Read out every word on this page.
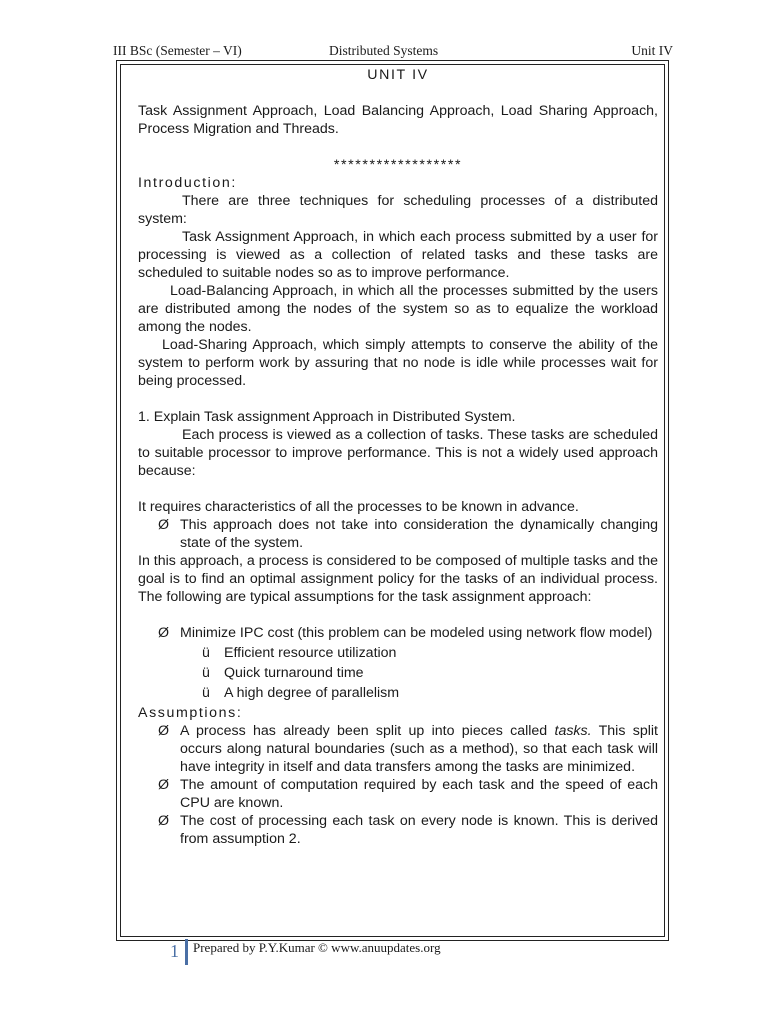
III BSc (Semester – VI)	Distributed Systems	Unit IV

UNIT IV

Task Assignment Approach, Load Balancing Approach, Load Sharing Approach, Process Migration and Threads.

******************

Introduction:

There are three techniques for scheduling processes of a distributed system:

Task Assignment Approach, in which each process submitted by a user for processing is viewed as a collection of related tasks and these tasks are scheduled to suitable nodes so as to improve performance.

Load-Balancing Approach, in which all the processes submitted by the users are distributed among the nodes of the system so as to equalize the workload among the nodes.

Load-Sharing Approach, which simply attempts to conserve the ability of the system to perform work by assuring that no node is idle while processes wait for being processed.

1. Explain Task assignment Approach in Distributed System.

Each process is viewed as a collection of tasks. These tasks are scheduled to suitable processor to improve performance. This is not a widely used approach because:

It requires characteristics of all the processes to be known in advance.

Ø This approach does not take into consideration the dynamically changing state of the system.

In this approach, a process is considered to be composed of multiple tasks and the goal is to find an optimal assignment policy for the tasks of an individual process. The following are typical assumptions for the task assignment approach:

Ø Minimize IPC cost (this problem can be modeled using network flow model)

ü Efficient resource utilization

ü Quick turnaround time

ü A high degree of parallelism

Assumptions:

Ø A process has already been split up into pieces called tasks. This split occurs along natural boundaries (such as a method), so that each task will have integrity in itself and data transfers among the tasks are minimized.

Ø The amount of computation required by each task and the speed of each CPU are known.

Ø The cost of processing each task on every node is known. This is derived from assumption 2.

1 Prepared by P.Y.Kumar © www.anuupdates.org
